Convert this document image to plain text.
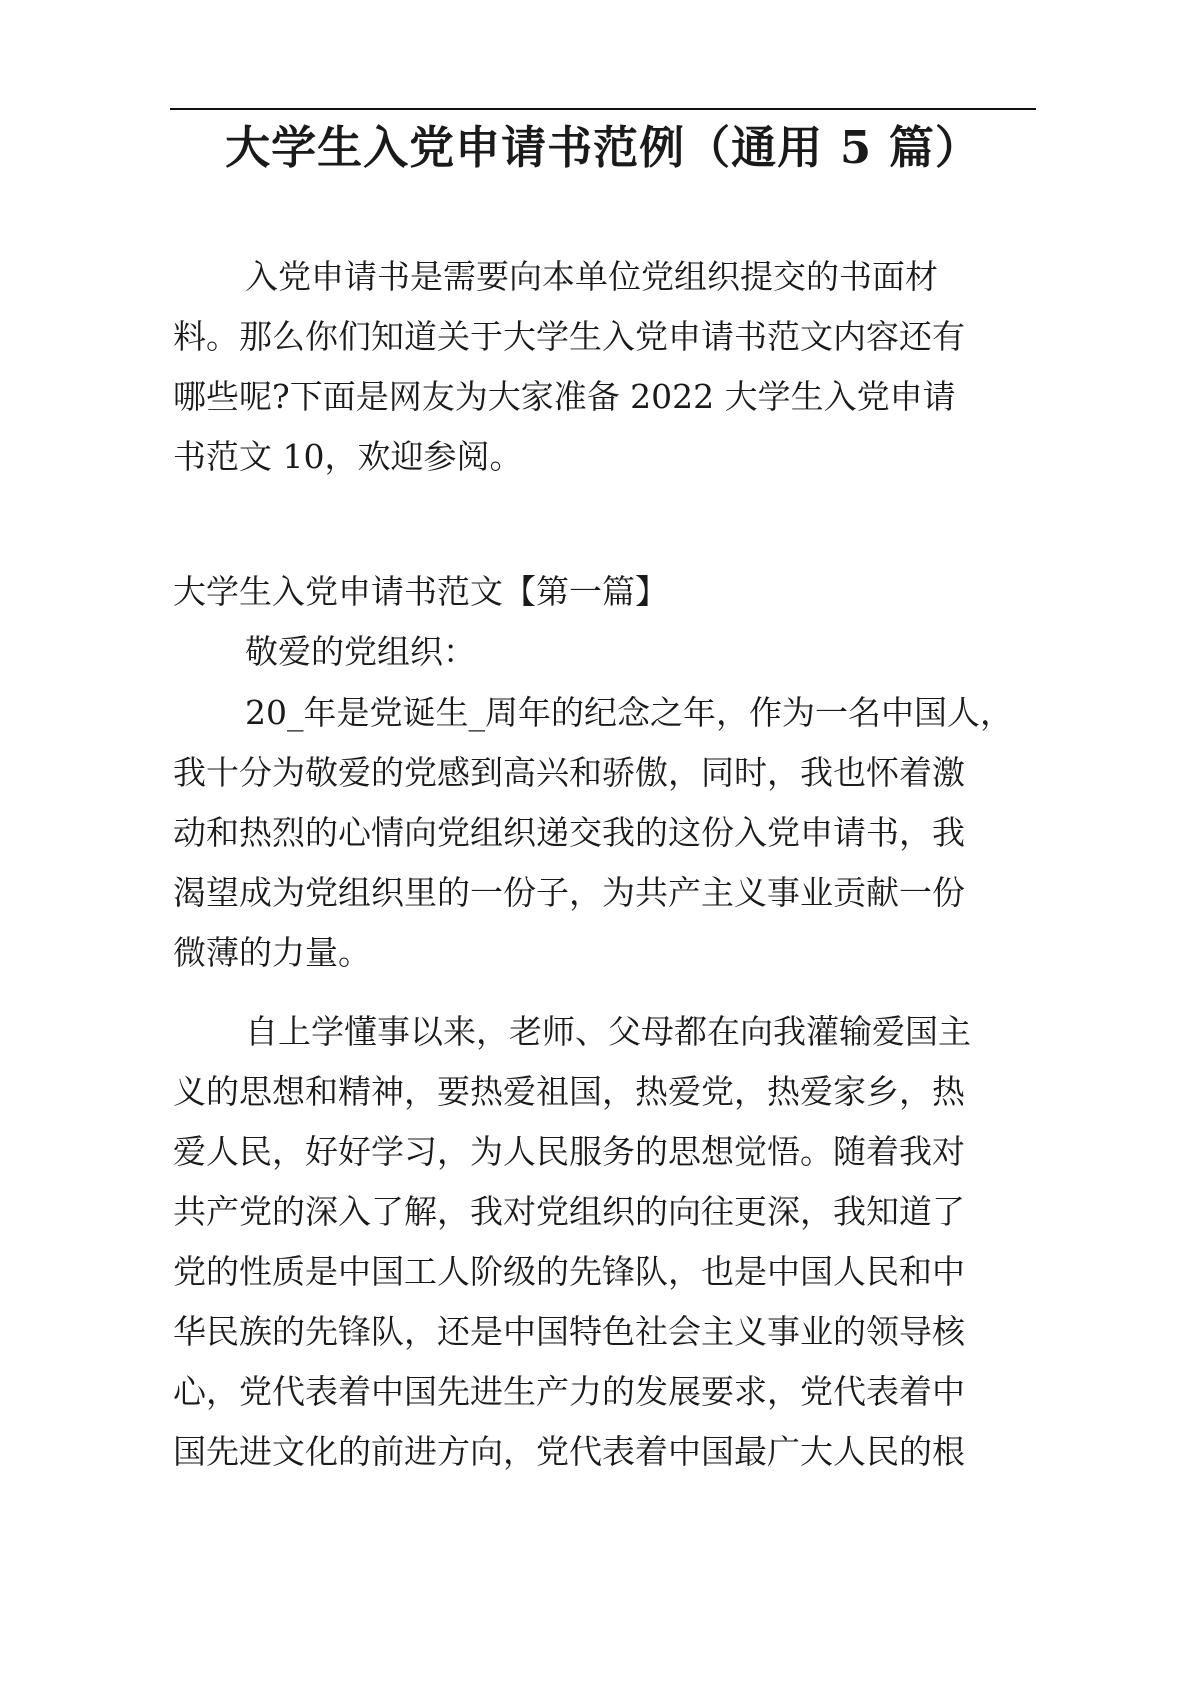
大学生入党申请书范例（通用 5 篇）
入党申请书是需要向本单位党组织提交的书面材
料。那么你们知道关于大学生入党申请书范文内容还有
哪些呢?下面是网友为大家准备 2022 大学生入党申请
书范文 10，欢迎参阅。
大学生入党申请书范文【第一篇】
敬爱的党组织：
20_年是党诞生_周年的纪念之年，作为一名中国人，
我十分为敬爱的党感到高兴和骄傲，同时，我也怀着激
动和热烈的心情向党组织递交我的这份入党申请书，我
渴望成为党组织里的一份子，为共产主义事业贡献一份
微薄的力量。
自上学懂事以来，老师、父母都在向我灌输爱国主
义的思想和精神，要热爱祖国，热爱党，热爱家乡，热
爱人民，好好学习，为人民服务的思想觉悟。随着我对
共产党的深入了解，我对党组织的向往更深，我知道了
党的性质是中国工人阶级的先锋队，也是中国人民和中
华民族的先锋队，还是中国特色社会主义事业的领导核
心，党代表着中国先进生产力的发展要求，党代表着中
国先进文化的前进方向，党代表着中国最广大人民的根
